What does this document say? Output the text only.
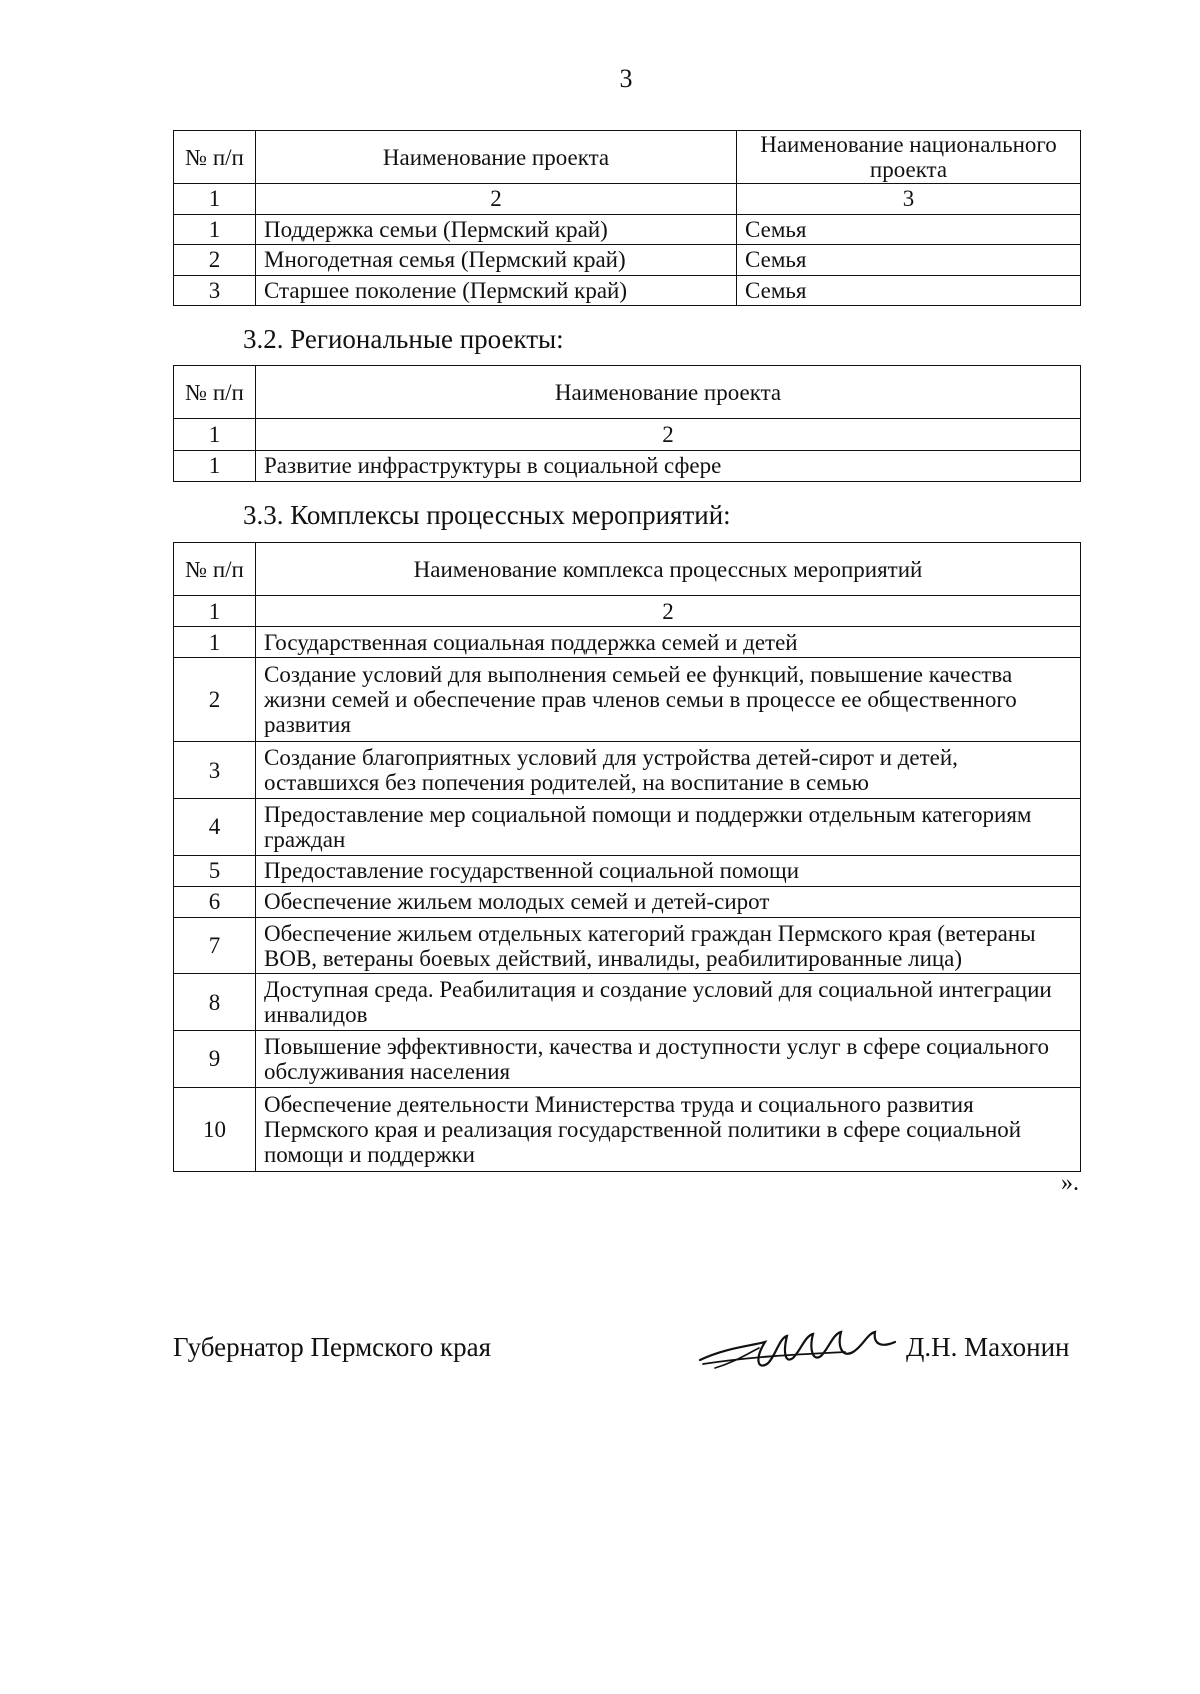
3
№ п/п	Наименование проекта	Наименование национального проекта
1	2	3
1	Поддержка семьи (Пермский край)	Семья
2	Многодетная семья (Пермский край)	Семья
3	Старшее поколение (Пермский край)	Семья
3.2. Региональные проекты:
№ п/п	Наименование проекта
1	2
1	Развитие инфраструктуры в социальной сфере
3.3. Комплексы процессных мероприятий:
№ п/п	Наименование комплекса процессных мероприятий
1	2
1	Государственная социальная поддержка семей и детей
2	Создание условий для выполнения семьей ее функций, повышение качества жизни семей и обеспечение прав членов семьи в процессе ее общественного развития
3	Создание благоприятных условий для устройства детей-сирот и детей, оставшихся без попечения родителей, на воспитание в семью
4	Предоставление мер социальной помощи и поддержки отдельным категориям граждан
5	Предоставление государственной социальной помощи
6	Обеспечение жильем молодых семей и детей-сирот
7	Обеспечение жильем отдельных категорий граждан Пермского края (ветераны ВОВ, ветераны боевых действий, инвалиды, реабилитированные лица)
8	Доступная среда. Реабилитация и создание условий для социальной интеграции инвалидов
9	Повышение эффективности, качества и доступности услуг в сфере социального обслуживания населения
10	Обеспечение деятельности Министерства труда и социального развития Пермского края и реализация государственной политики в сфере социальной помощи и поддержки
».
Губернатор Пермского края	Д.Н. Махонин
